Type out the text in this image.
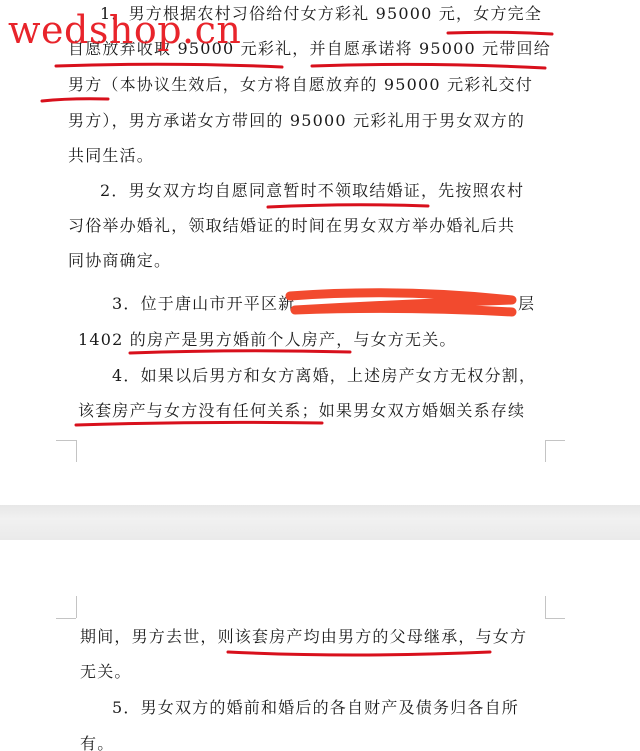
1．男方根据农村习俗给付女方彩礼 95000 元，女方完全

自愿放弃收取 95000 元彩礼，并自愿承诺将 95000 元带回给

男方（本协议生效后，女方将自愿放弃的 95000 元彩礼交付

男方），男方承诺女方带回的 95000 元彩礼用于男女双方的

共同生活。

2．男女双方均自愿同意暂时不领取结婚证，先按照农村

习俗举办婚礼，领取结婚证的时间在男女双方举办婚礼后共

同协商确定。

3．位于唐山市开平区新	层

1402 的房产是男方婚前个人房产，与女方无关。

4．如果以后男方和女方离婚，上述房产女方无权分割，

该套房产与女方没有任何关系；如果男女双方婚姻关系存续

期间，男方去世，则该套房产均由男方的父母继承，与女方

无关。

5．男女双方的婚前和婚后的各自财产及债务归各自所

有。

wedshop.cn
